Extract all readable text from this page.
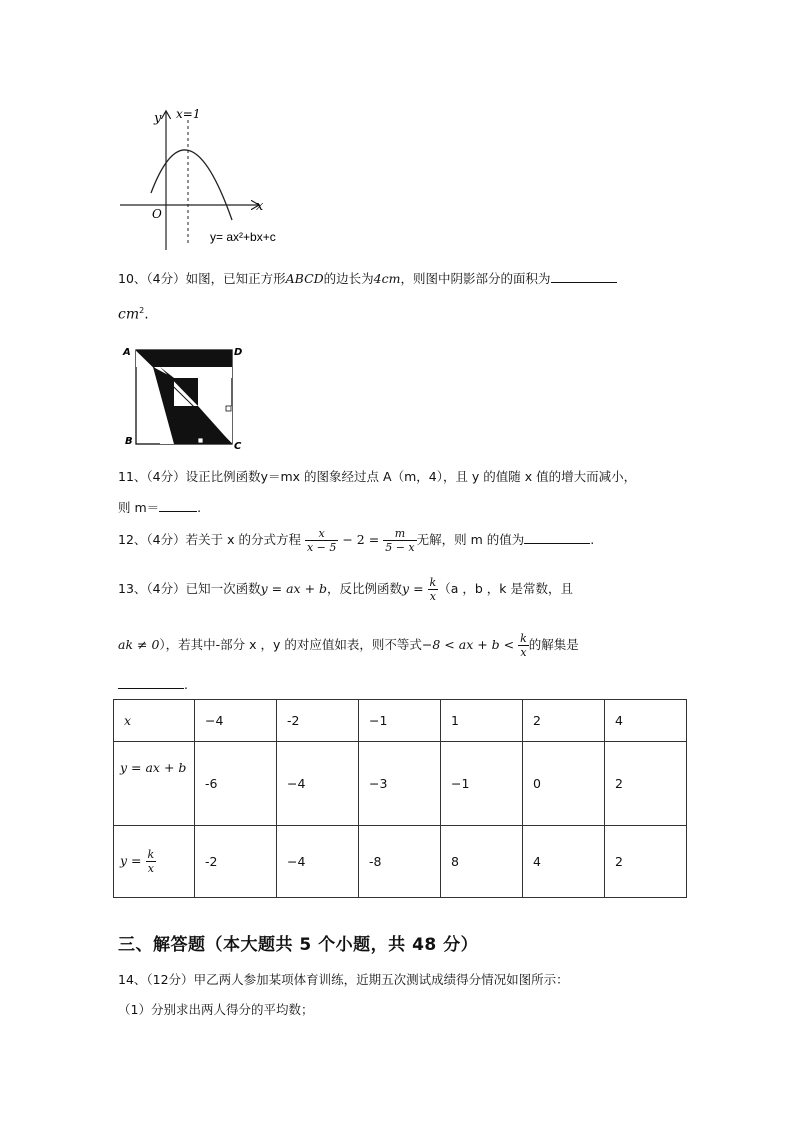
y x=1
x
O
y= ax²+bx+c
10、（4分）如图，已知正方形ABCD的边长为4cm，则图中阴影部分的面积为
$cm^2$.
A	D
B	C
11、（4分）设正比例函数y＝mx 的图象经过点 A（m，4），且 y 的值随 x 值的增大而减小，
则 m＝	.
12、（4分）若关于 x 的分式方程 $\frac{x}{x - 5} - 2 = \frac{m}{5 - x}$ 无解，则 m 的值为	.
13、（4分）已知一次函数y = ax + b，反比例函数$y = \frac{k}{x} (a$ ，b ，k 是常数，且
ak ≠ 0），若其中-部分 x ，y 的对应值如表，则不等式−8 < ax + $b < \frac{k}{x}$ 的解集是
.
x	−4	-2	−1	1	2	4
y = ax + b	-6	−4	−3	−1	0	2
$y = \frac{k}{x}$	-2	−4	-8	8	4	2
三、解答题（本大题共 5 个小题，共 48 分）
14、（12分）甲乙两人参加某项体育训练，近期五次测试成绩得分情况如图所示：
（1）分别求出两人得分的平均数；
